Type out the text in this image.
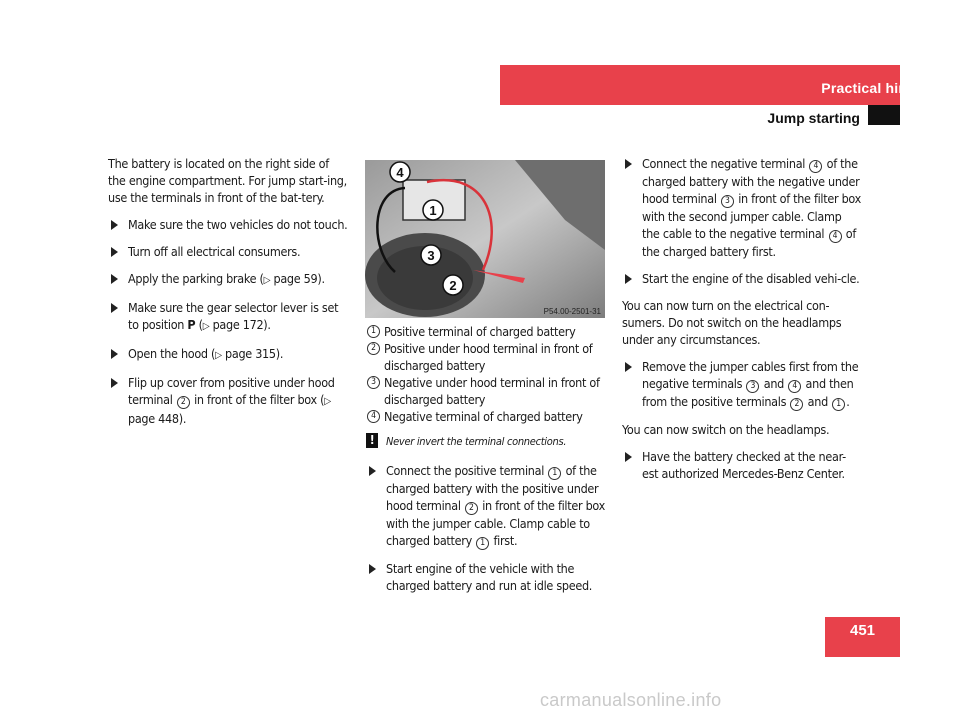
Practical hints
Jump starting

The battery is located on the right side of the engine compartment. For jump start-ing, use the terminals in front of the bat-tery.

Make sure the two vehicles do not touch.
Turn off all electrical consumers.
Apply the parking brake (▷ page 59).
Make sure the gear selector lever is set to position P (▷ page 172).
Open the hood (▷ page 315).
Flip up cover from positive under hood terminal 2 in front of the filter box (▷ page 448).
4
1
3
2
P54.00-2501-31
1 Positive terminal of charged battery
2 Positive under hood terminal in front of discharged battery
3 Negative under hood terminal in front of discharged battery
4 Negative terminal of charged battery
!	Never invert the terminal connections.
Connect the positive terminal 1 of the charged battery with the positive under hood terminal 2 in front of the filter box with the jumper cable. Clamp cable to charged battery 1 first.
Start engine of the vehicle with the charged battery and run at idle speed.
Connect the negative terminal 4 of the charged battery with the negative under hood terminal 3 in front of the filter box with the second jumper cable. Clamp the cable to the negative terminal 4 of the charged battery first.
Start the engine of the disabled vehi-cle.

You can now turn on the electrical con-sumers. Do not switch on the headlamps under any circumstances.

Remove the jumper cables first from the negative terminals 3 and 4 and then from the positive terminals 2 and 1 .

You can now switch on the headlamps.

Have the battery checked at the near-est authorized Mercedes-Benz Center.
451
carmanualsonline.info
